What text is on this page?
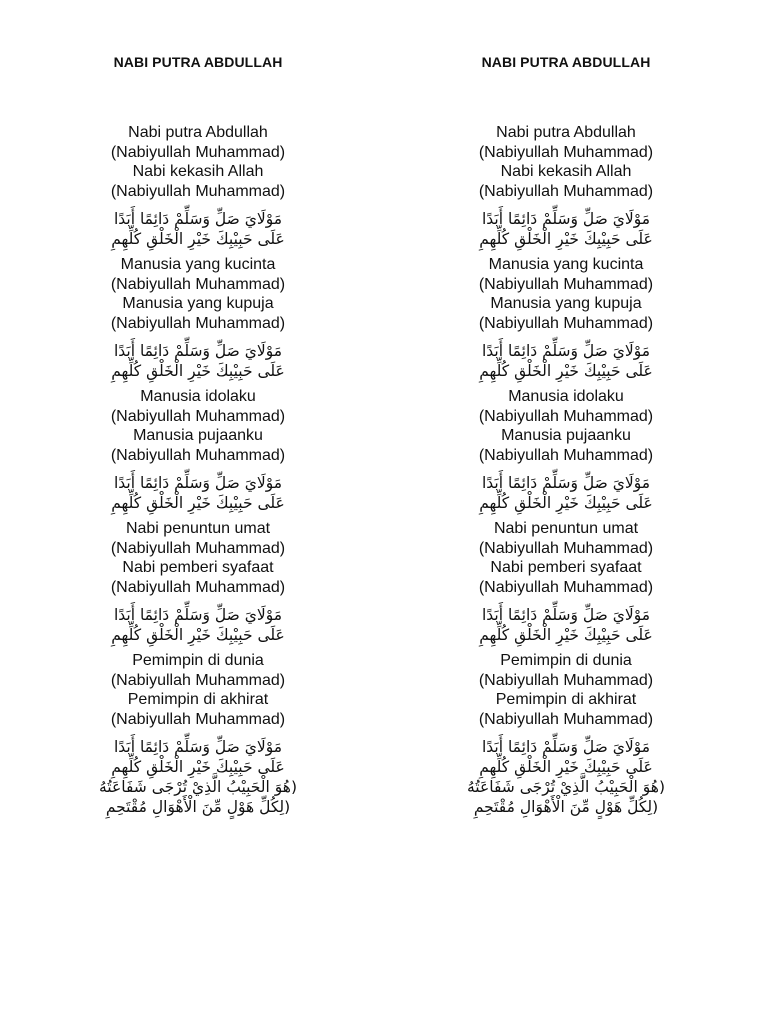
NABI PUTRA ABDULLAH

Nabi putra Abdullah
(Nabiyullah Muhammad)
Nabi kekasih Allah
(Nabiyullah Muhammad)
مَوْلَايَ صَلِّ وَسَلِّمْ دَائِمًا أَبَدًا
عَلَى حَبِيْبِكَ خَيْرِ الْخَلْقِ كُلِّهِمِ
Manusia yang kucinta
(Nabiyullah Muhammad)
Manusia yang kupuja
(Nabiyullah Muhammad)
مَوْلَايَ صَلِّ وَسَلِّمْ دَائِمًا أَبَدًا
عَلَى حَبِيْبِكَ خَيْرِ الْخَلْقِ كُلِّهِمِ
Manusia idolaku
(Nabiyullah Muhammad)
Manusia pujaanku
(Nabiyullah Muhammad)
مَوْلَايَ صَلِّ وَسَلِّمْ دَائِمًا أَبَدًا
عَلَى حَبِيْبِكَ خَيْرِ الْخَلْقِ كُلِّهِمِ
Nabi penuntun umat
(Nabiyullah Muhammad)
Nabi pemberi syafaat
(Nabiyullah Muhammad)
مَوْلَايَ صَلِّ وَسَلِّمْ دَائِمًا أَبَدًا
عَلَى حَبِيْبِكَ خَيْرِ الْخَلْقِ كُلِّهِمِ
Pemimpin di dunia
(Nabiyullah Muhammad)
Pemimpin di akhirat
(Nabiyullah Muhammad)
مَوْلَايَ صَلِّ وَسَلِّمْ دَائِمًا أَبَدًا
عَلَى حَبِيْبِكَ خَيْرِ الْخَلْقِ كُلِّهِمِ
(هُوَ الْحَبِيْبُ الَّذِيْ تُرْجَى شَفَاعَتُهُ
(لِكُلِّ هَوْلٍ مِّنَ الْأَهْوَالِ مُقْتَحِمِ

NABI PUTRA ABDULLAH

Nabi putra Abdullah
(Nabiyullah Muhammad)
Nabi kekasih Allah
(Nabiyullah Muhammad)
مَوْلَايَ صَلِّ وَسَلِّمْ دَائِمًا أَبَدًا
عَلَى حَبِيْبِكَ خَيْرِ الْخَلْقِ كُلِّهِمِ
Manusia yang kucinta
(Nabiyullah Muhammad)
Manusia yang kupuja
(Nabiyullah Muhammad)
مَوْلَايَ صَلِّ وَسَلِّمْ دَائِمًا أَبَدًا
عَلَى حَبِيْبِكَ خَيْرِ الْخَلْقِ كُلِّهِمِ
Manusia idolaku
(Nabiyullah Muhammad)
Manusia pujaanku
(Nabiyullah Muhammad)
مَوْلَايَ صَلِّ وَسَلِّمْ دَائِمًا أَبَدًا
عَلَى حَبِيْبِكَ خَيْرِ الْخَلْقِ كُلِّهِمِ
Nabi penuntun umat
(Nabiyullah Muhammad)
Nabi pemberi syafaat
(Nabiyullah Muhammad)
مَوْلَايَ صَلِّ وَسَلِّمْ دَائِمًا أَبَدًا
عَلَى حَبِيْبِكَ خَيْرِ الْخَلْقِ كُلِّهِمِ
Pemimpin di dunia
(Nabiyullah Muhammad)
Pemimpin di akhirat
(Nabiyullah Muhammad)
مَوْلَايَ صَلِّ وَسَلِّمْ دَائِمًا أَبَدًا
عَلَى حَبِيْبِكَ خَيْرِ الْخَلْقِ كُلِّهِمِ
(هُوَ الْحَبِيْبُ الَّذِيْ تُرْجَى شَفَاعَتُهُ
(لِكُلِّ هَوْلٍ مِّنَ الْأَهْوَالِ مُقْتَحِمِ
